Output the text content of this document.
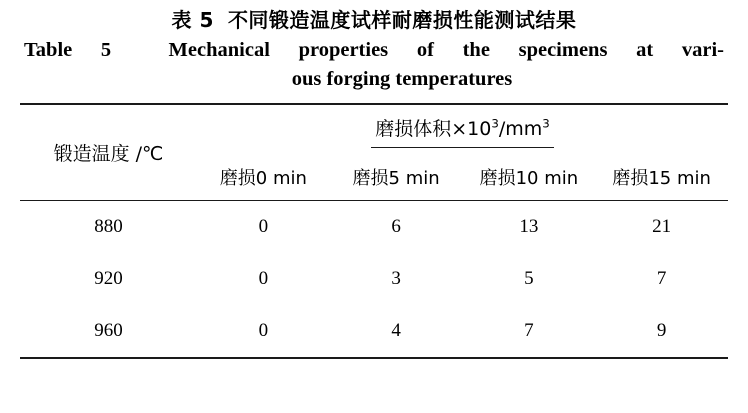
表 5 不同锻造温度试样耐磨损性能测试结果
Table 5	Mechanical properties of the specimens at vari-
ous forging temperatures

锻造温度 /℃	磨损体积$\times 10^3/mm^3$
	磨损0 min	磨损5 min	磨损10 min	磨损15 min

880	0	6	13	21
920	0	3	5	7
960	0	4	7	9
